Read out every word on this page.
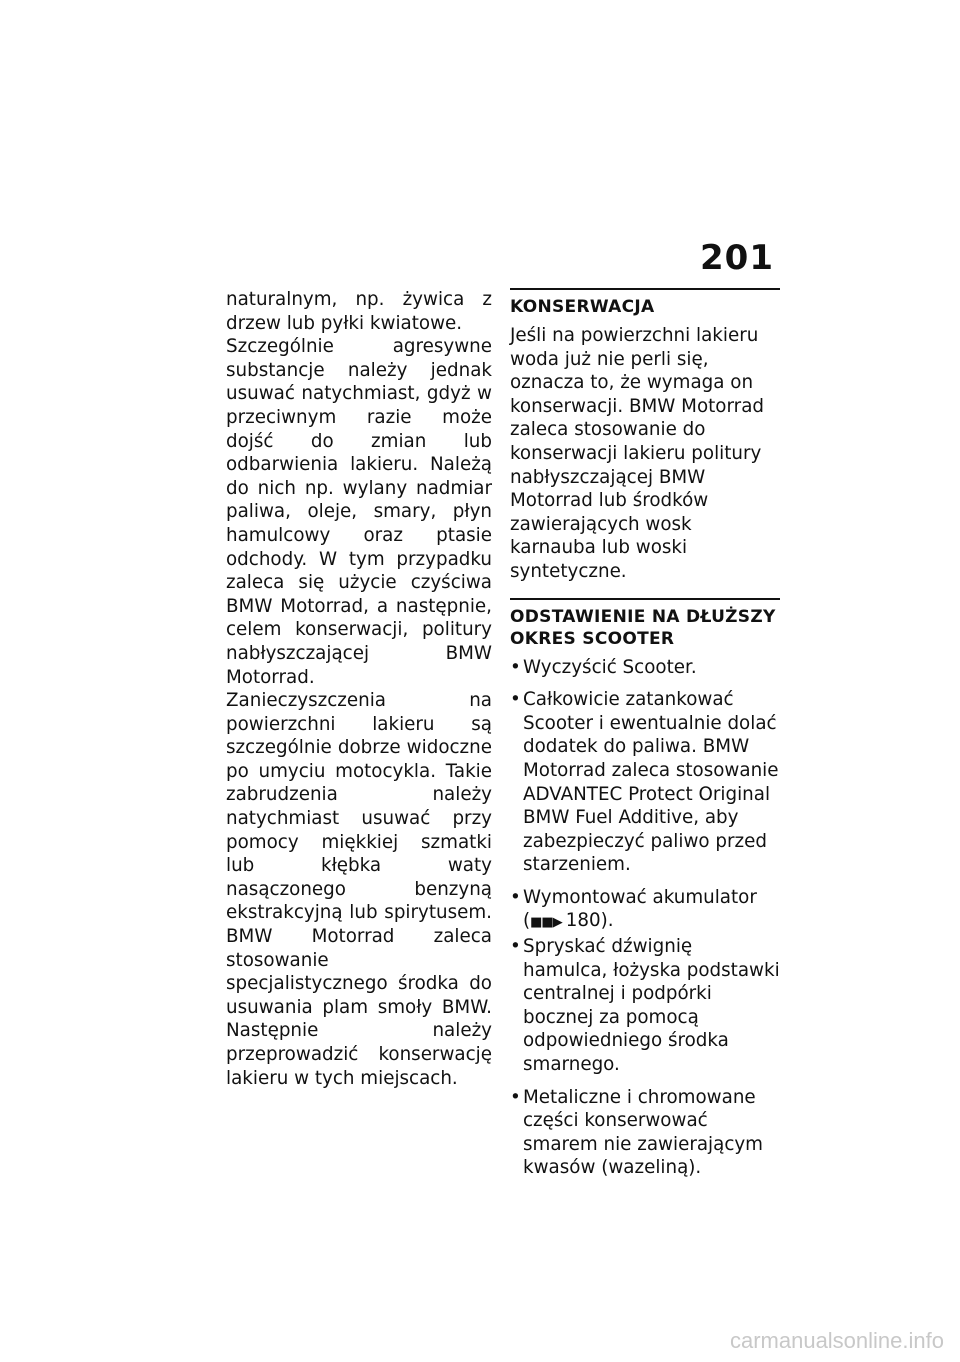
201

naturalnym, np. żywica z drzew lub pyłki kwiatowe.

Szczególnie agresywne substancje należy jednak usuwać natychmiast, gdyż w przeciwnym razie może dojść do zmian lub odbarwienia lakieru. Należą do nich np. wylany nadmiar paliwa, oleje, smary, płyn hamulcowy oraz ptasie odchody. W tym przypadku zaleca się użycie czyściwa BMW Motorrad, a następnie, celem konserwacji, politury nabłyszczającej BMW Motorrad.

Zanieczyszczenia na powierzchni lakieru są szczególnie dobrze widoczne po umyciu motocykla. Takie zabrudzenia należy natychmiast usuwać przy pomocy miękkiej szmatki lub kłębka waty nasączonego benzyną ekstrakcyjną lub spirytusem. BMW Motorrad zaleca stosowanie specjalistycznego środka do usuwania plam smoły BMW. Następnie należy przeprowadzić konserwację lakieru w tych miejscach.

KONSERWACJA

Jeśli na powierzchni lakieru woda już nie perli się, oznacza to, że wymaga on konserwacji. BMW Motorrad zaleca stosowanie do konserwacji lakieru politury nabłyszczającej BMW Motorrad lub środków zawierających wosk karnauba lub woski syntetyczne.

ODSTAWIENIE NA DŁUŻSZY OKRES SCOOTER
• Wyczyścić Scooter.
• Całkowicie zatankować Scooter i ewentualnie dolać dodatek do paliwa. BMW Motorrad zaleca stosowanie ADVANTEC Protect Original BMW Fuel Additive, aby zabezpieczyć paliwo przed starzeniem.
• Wymontować akumulator
(■■▶ 180).
• Spryskać dźwignię hamulca, łożyska podstawki centralnej i podpórki bocznej za pomocą odpowiedniego środka smarnego.
• Metaliczne i chromowane części konserwować smarem nie zawierającym kwasów (wazeliną).
carmanualsonline.info
